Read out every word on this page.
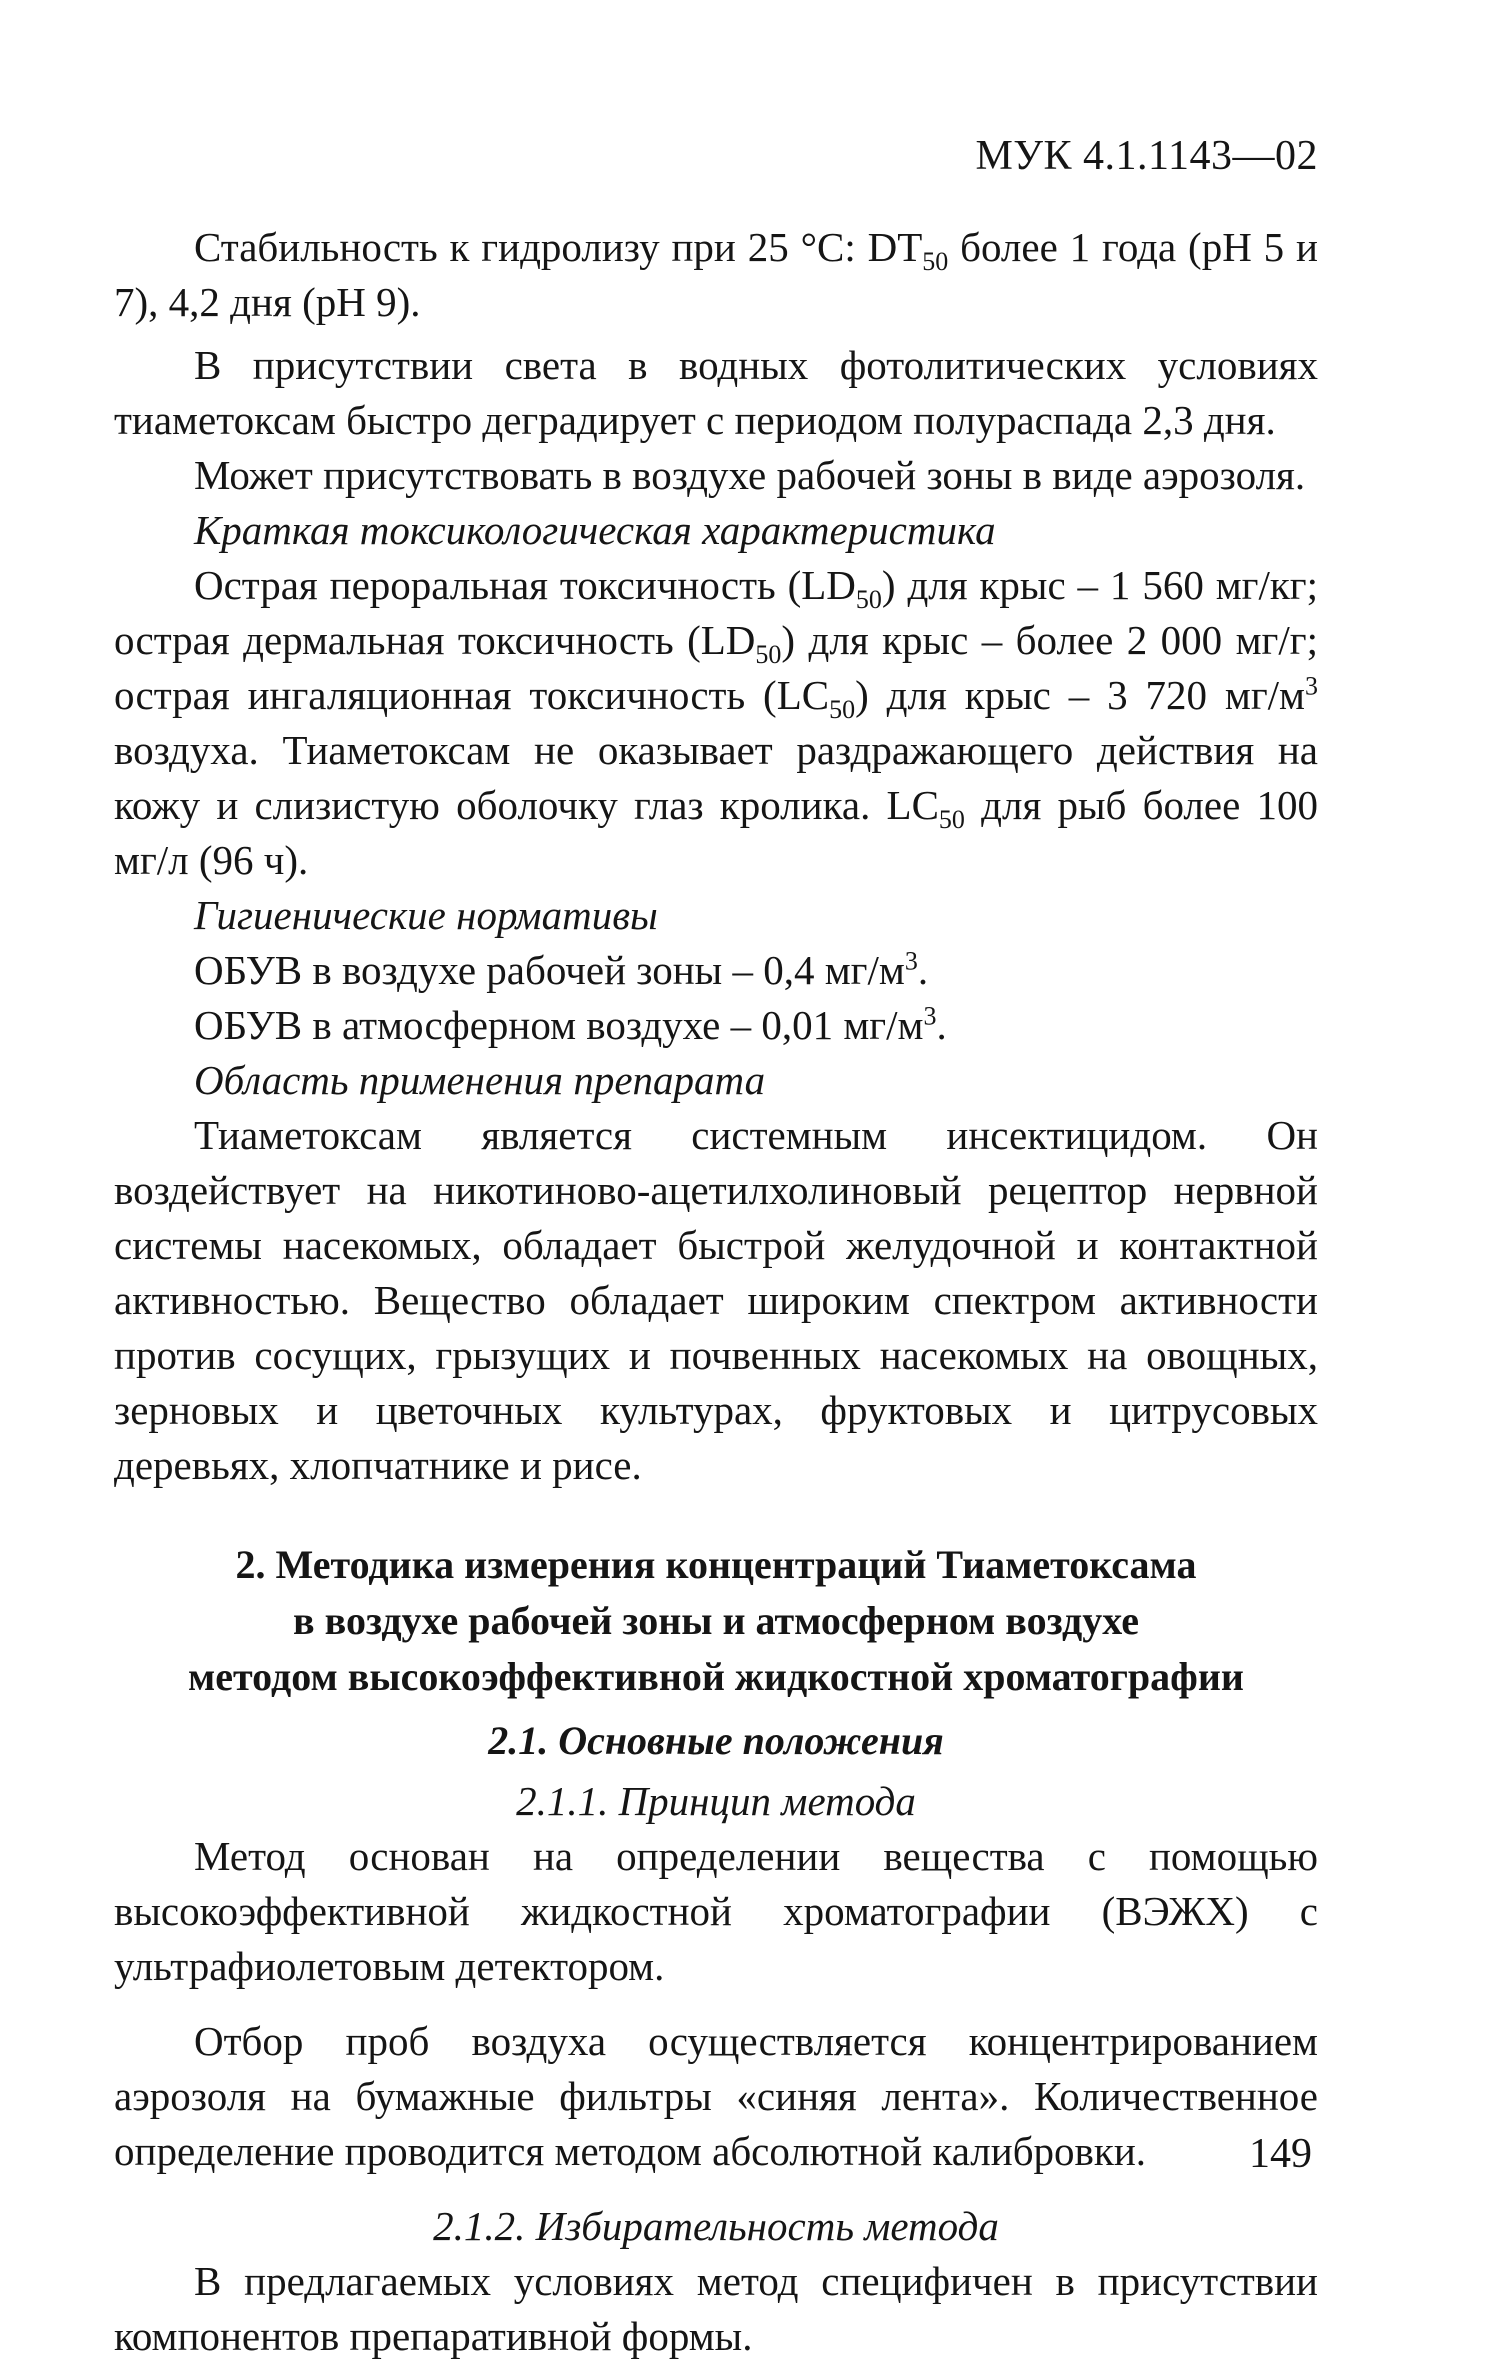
МУК 4.1.1143—02

Стабильность к гидролизу при 25 °С: $DT_{50}$ более 1 года (pH 5 и 7), 4,2 дня (pH 9).

В присутствии света в водных фотолитических условиях тиаметоксам быстро деградирует с периодом полураспада 2,3 дня.

Может присутствовать в воздухе рабочей зоны в виде аэрозоля.

Краткая токсикологическая характеристика

Острая пероральная токсичность $(LD_{50})$ для крыс – 1 560 мг/кг; острая дермальная токсичность $(LD_{50})$ для крыс – более 2 000 мг/г; острая ингаляционная токсичность $(LC_{50})$ для крыс – 3 720 $мг/м^3$ воздуха. Тиаметоксам не оказывает раздражающего действия на кожу и слизистую оболочку глаз кролика. $LC_{50}$ для рыб более 100 мг/л (96 ч).

Гигиенические нормативы

ОБУВ в воздухе рабочей зоны – 0,4 $мг/м^3$.

ОБУВ в атмосферном воздухе – 0,01 $мг/м^3$.

Область применения препарата

Тиаметоксам является системным инсектицидом. Он воздействует на никотиново-ацетилхолиновый рецептор нервной системы насекомых, обладает быстрой желудочной и контактной активностью. Вещество обладает широким спектром активности против сосущих, грызущих и почвенных насекомых на овощных, зерновых и цветочных культурах, фруктовых и цитрусовых деревьях, хлопчатнике и рисе.

2. Методика измерения концентраций Тиаметоксама
в воздухе рабочей зоны и атмосферном воздухе
методом высокоэффективной жидкостной хроматографии
2.1. Основные положения
2.1.1. Принцип метода

Метод основан на определении вещества с помощью высокоэффективной жидкостной хроматографии (ВЭЖХ) с ультрафиолетовым детектором.

Отбор проб воздуха осуществляется концентрированием аэрозоля на бумажные фильтры «синяя лента». Количественное определение проводится методом абсолютной калибровки.

2.1.2. Избирательность метода

В предлагаемых условиях метод специфичен в присутствии компонентов препаративной формы.

149
